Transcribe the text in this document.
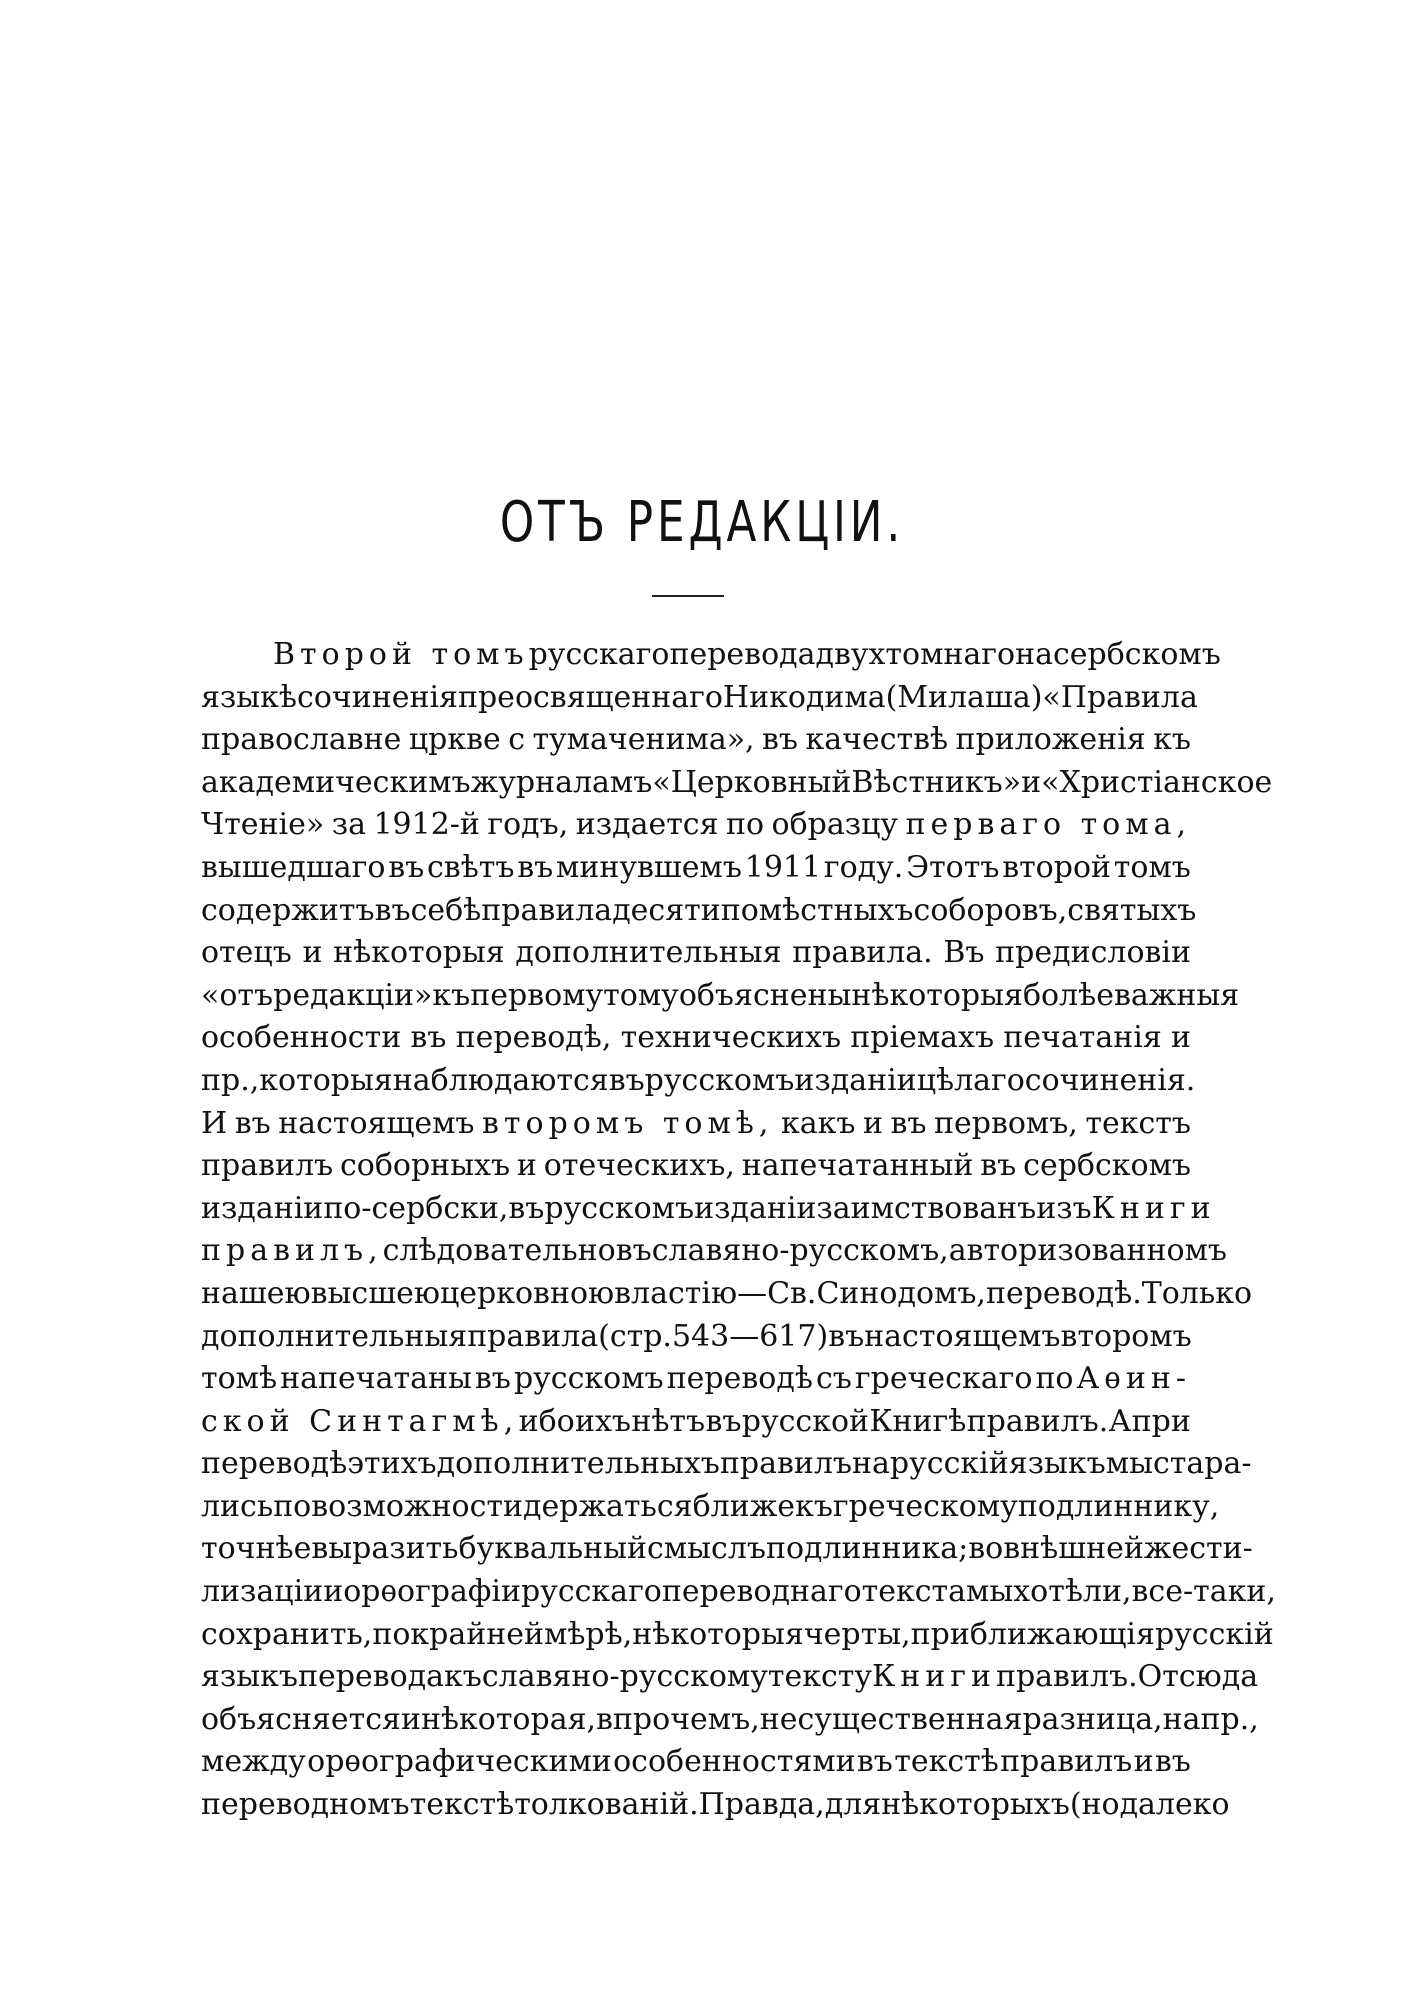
ОТЪ РЕДАКЦІИ.
Второй томъ русскаго перевода двухтомнаго на сербскомъ
языкѣ сочиненія преосвященнаго Никодима (Милаша) «Правила
православне цркве с тумаченима», въ качествѣ приложенія къ
академическимъ журналамъ «Церковный Вѣстникъ» и «Христіанское
Чтеніе» за 1912-й годъ, издается по образцу перваго тома,
вышедшаго въ свѣтъ въ минувшемъ 1911 году. Этотъ второй томъ
содержитъ въ себѣ правила десяти помѣстныхъ соборовъ, святыхъ
отецъ и нѣкоторыя дополнительныя правила. Въ предисловіи
«отъ редакціи» къ первому тому объяснены нѣкоторыя болѣе важныя
особенности въ переводѣ, техническихъ пріемахъ печатанія и
пр., которыя наблюдаются въ русскомъ изданіи цѣлаго сочиненія.
И въ настоящемъ второмъ томѣ, какъ и въ первомъ, текстъ
правилъ соборныхъ и отеческихъ, напечатанный въ сербскомъ
изданіи по-сербски, въ русскомъ изданіи заимствованъ изъ Книги
правилъ, слѣдовательно въ славяно-русскомъ, авторизованномъ
нашею высшею церковною властію—Св. Синодомъ, переводѣ. Только
дополнительныя правила (стр. 543—617) въ настоящемъ второмъ
томѣ напечатаны въ русскомъ переводѣ съ греческаго по Аѳин-
ской Синтагмѣ, ибо ихъ нѣтъ въ русской Книгѣ правилъ. А при
переводѣ этихъ дополнительныхъ правилъ на русскій языкъ мы стара-
лись по возможности держаться ближе къ греческому подлиннику,
точнѣе выразить буквальный смыслъ подлинника; во внѣшней же сти-
лизаціи и орѳографіи русскаго переводнаго текста мы хотѣли, все-таки,
сохранить, по крайней мѣрѣ, нѣкоторыя черты, приближающія русскій
языкъ перевода къ славяно-русскому тексту Книги правилъ. Отсюда
объясняется и нѣкоторая, впрочемъ, несущественная разница, напр.,
между орѳографическими особенностями въ текстѣ правилъ и въ
переводномъ текстѣ толкованій. Правда, для нѣкоторыхъ (но далеко
